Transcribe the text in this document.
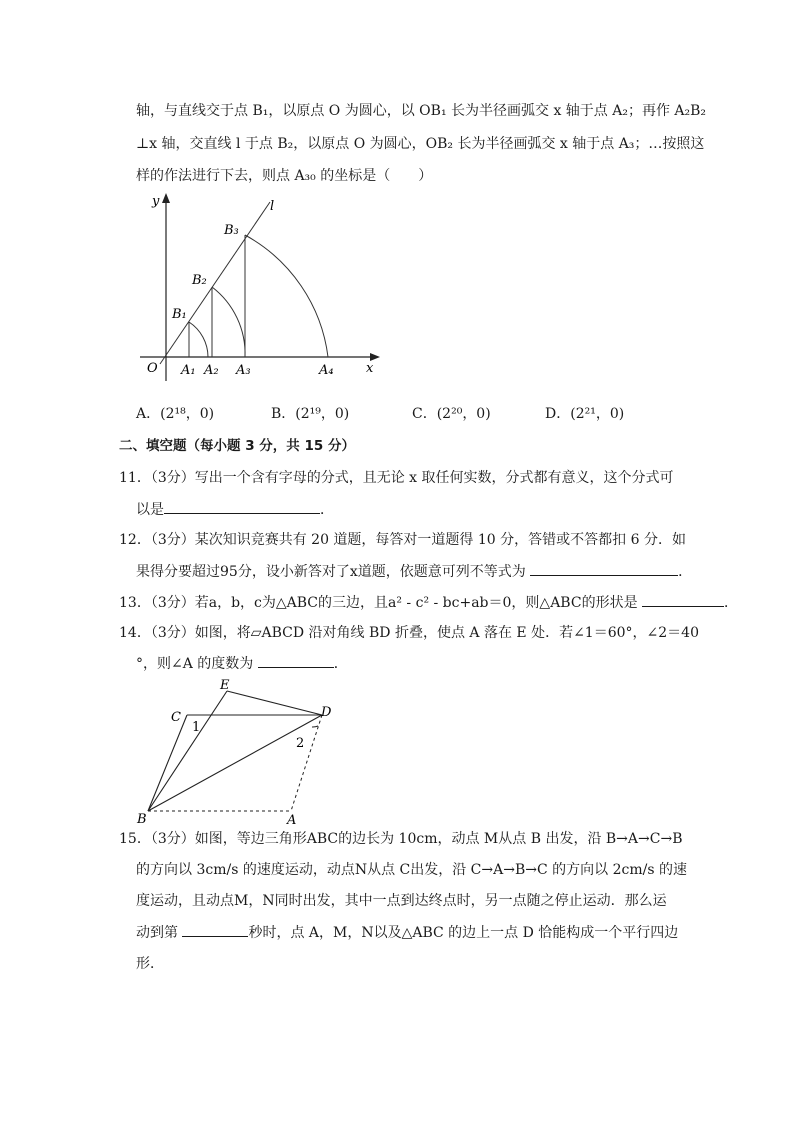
轴，与直线交于点 B₁，以原点 O 为圆心，以 OB₁ 长为半径画弧交 x 轴于点 A₂；再作 A₂B₂
⊥x 轴，交直线 l 于点 B₂，以原点 O 为圆心，OB₂ 长为半径画弧交 x 轴于点 A₃；…按照这
样的作法进行下去，则点 A₃₀ 的坐标是（　　）
y	l
B₃
B₂
B₁
O A₁ A₂ A₃	A₄ x
A．(2¹⁸，0)	B．(2¹⁹，0)	C．(2²⁰，0)	D．(2²¹，0)
二、填空题（每小题 3 分，共 15 分）
11．（3分）写出一个含有字母的分式，且无论 x 取任何实数，分式都有意义，这个分式可
以是	．
12．（3分）某次知识竞赛共有 20 道题，每答对一道题得 10 分，答错或不答都扣 6 分．如
果得分要超过95分，设小新答对了x道题，依题意可列不等式为	．
13．（3分）若a，b，c为△ABC的三边，且a² - c² - bc+ab＝0，则△ABC的形状是	．
14．（3分）如图，将▱ABCD 沿对角线 BD 折叠，使点 A 落在 E 处．若∠1＝60°，∠2＝40
°，则∠A 的度数为	．
E
C
1
D
2
B	A
15．（3分）如图，等边三角形ABC的边长为 10cm，动点 M从点 B 出发，沿 B→A→C→B
的方向以 3cm/s 的速度运动，动点N从点 C出发，沿 C→A→B→C 的方向以 2cm/s 的速
度运动，且动点M，N同时出发，其中一点到达终点时，另一点随之停止运动．那么运
动到第	秒时，点 A，M，N以及△ABC 的边上一点 D 恰能构成一个平行四边
形．
